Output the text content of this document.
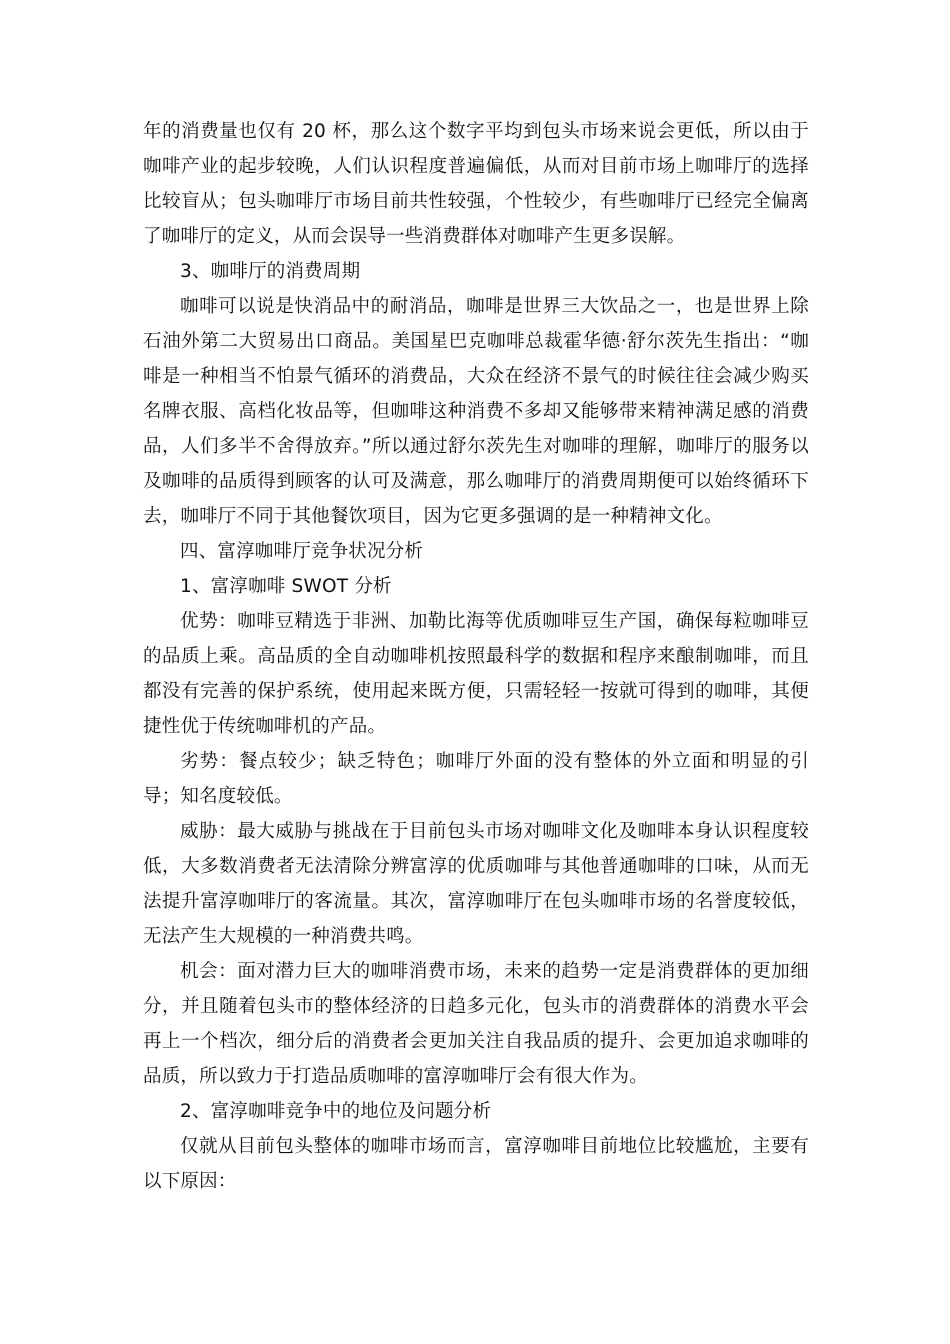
年的消费量也仅有 20 杯，那么这个数字平均到包头市场来说会更低，所以由于咖啡产业的起步较晚，人们认识程度普遍偏低，从而对目前市场上咖啡厅的选择比较盲从；包头咖啡厅市场目前共性较强，个性较少，有些咖啡厅已经完全偏离了咖啡厅的定义，从而会误导一些消费群体对咖啡产生更多误解。

3、咖啡厅的消费周期

咖啡可以说是快消品中的耐消品，咖啡是世界三大饮品之一，也是世界上除石油外第二大贸易出口商品。美国星巴克咖啡总裁霍华德·舒尔茨先生指出：“咖啡是一种相当不怕景气循环的消费品，大众在经济不景气的时候往往会减少购买名牌衣服、高档化妆品等，但咖啡这种消费不多却又能够带来精神满足感的消费品，人们多半不舍得放弃。”所以通过舒尔茨先生对咖啡的理解，咖啡厅的服务以及咖啡的品质得到顾客的认可及满意，那么咖啡厅的消费周期便可以始终循环下去，咖啡厅不同于其他餐饮项目，因为它更多强调的是一种精神文化。

四、富淳咖啡厅竞争状况分析

1、富淳咖啡 SWOT 分析

优势：咖啡豆精选于非洲、加勒比海等优质咖啡豆生产国，确保每粒咖啡豆的品质上乘。高品质的全自动咖啡机按照最科学的数据和程序来酿制咖啡，而且都没有完善的保护系统，使用起来既方便，只需轻轻一按就可得到的咖啡，其便捷性优于传统咖啡机的产品。

劣势：餐点较少；缺乏特色；咖啡厅外面的没有整体的外立面和明显的引导；知名度较低。

威胁：最大威胁与挑战在于目前包头市场对咖啡文化及咖啡本身认识程度较低，大多数消费者无法清除分辨富淳的优质咖啡与其他普通咖啡的口味，从而无法提升富淳咖啡厅的客流量。其次，富淳咖啡厅在包头咖啡市场的名誉度较低，无法产生大规模的一种消费共鸣。

机会：面对潜力巨大的咖啡消费市场，未来的趋势一定是消费群体的更加细分，并且随着包头市的整体经济的日趋多元化，包头市的消费群体的消费水平会再上一个档次，细分后的消费者会更加关注自我品质的提升、会更加追求咖啡的品质，所以致力于打造品质咖啡的富淳咖啡厅会有很大作为。

2、富淳咖啡竞争中的地位及问题分析

仅就从目前包头整体的咖啡市场而言，富淳咖啡目前地位比较尴尬，主要有以下原因：
